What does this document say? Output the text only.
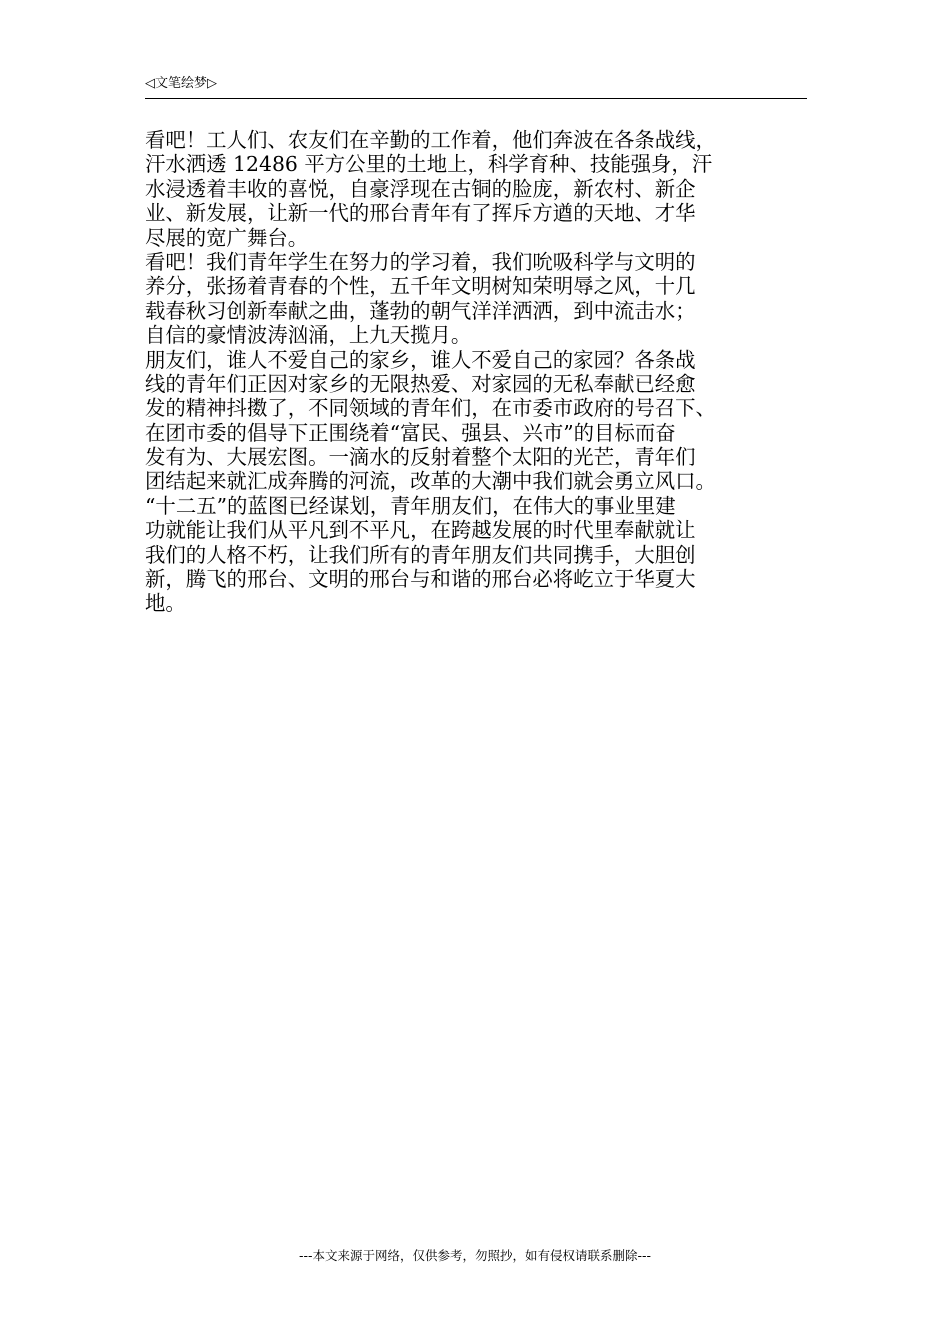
◁文笔绘梦▷
看吧！工人们、农友们在辛勤的工作着，他们奔波在各条战线，
汗水洒透 12486 平方公里的土地上，科学育种、技能强身，汗
水浸透着丰收的喜悦，自豪浮现在古铜的脸庞，新农村、新企
业、新发展，让新一代的邢台青年有了挥斥方遒的天地、才华
尽展的宽广舞台。
看吧！我们青年学生在努力的学习着，我们吮吸科学与文明的
养分，张扬着青春的个性，五千年文明树知荣明辱之风，十几
载春秋习创新奉献之曲，蓬勃的朝气洋洋洒洒，到中流击水；
自信的豪情波涛汹涌，上九天揽月。
朋友们，谁人不爱自己的家乡，谁人不爱自己的家园？各条战
线的青年们正因对家乡的无限热爱、对家园的无私奉献已经愈
发的精神抖擞了，不同领域的青年们，在市委市政府的号召下、
在团市委的倡导下正围绕着“富民、强县、兴市”的目标而奋
发有为、大展宏图。一滴水的反射着整个太阳的光芒，青年们
团结起来就汇成奔腾的河流，改革的大潮中我们就会勇立风口。
“十二五”的蓝图已经谋划，青年朋友们，在伟大的事业里建
功就能让我们从平凡到不平凡，在跨越发展的时代里奉献就让
我们的人格不朽，让我们所有的青年朋友们共同携手，大胆创
新，腾飞的邢台、文明的邢台与和谐的邢台必将屹立于华夏大
地。
---本文来源于网络，仅供参考，勿照抄，如有侵权请联系删除---
